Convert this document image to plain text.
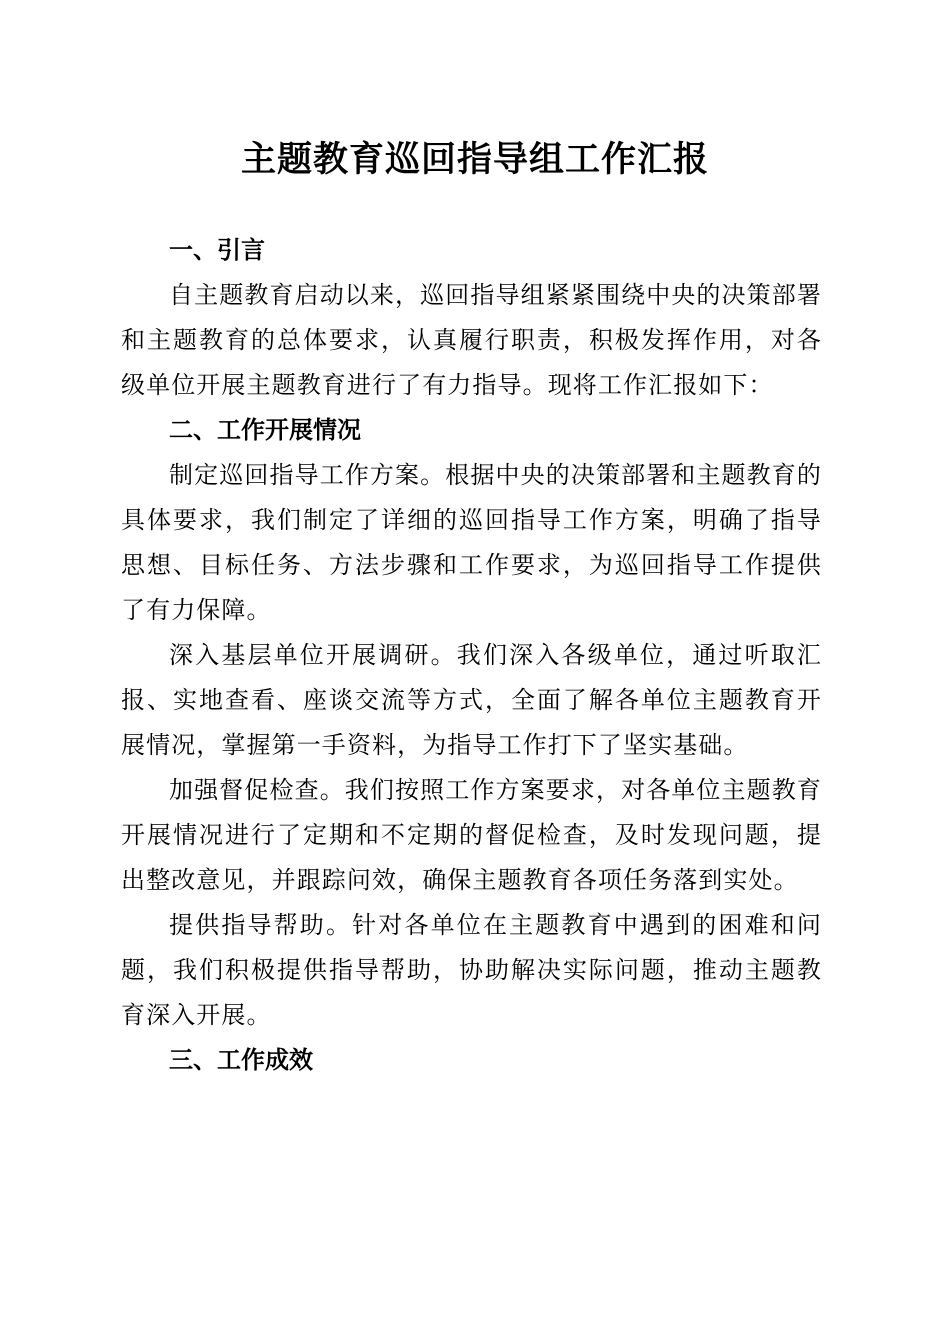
主题教育巡回指导组工作汇报

一、引言

自主题教育启动以来，巡回指导组紧紧围绕中央的决策部署和主题教育的总体要求，认真履行职责，积极发挥作用，对各级单位开展主题教育进行了有力指导。现将工作汇报如下：

二、工作开展情况

制定巡回指导工作方案。根据中央的决策部署和主题教育的具体要求，我们制定了详细的巡回指导工作方案，明确了指导思想、目标任务、方法步骤和工作要求，为巡回指导工作提供了有力保障。

深入基层单位开展调研。我们深入各级单位，通过听取汇报、实地查看、座谈交流等方式，全面了解各单位主题教育开展情况，掌握第一手资料，为指导工作打下了坚实基础。

加强督促检查。我们按照工作方案要求，对各单位主题教育开展情况进行了定期和不定期的督促检查，及时发现问题，提出整改意见，并跟踪问效，确保主题教育各项任务落到实处。

提供指导帮助。针对各单位在主题教育中遇到的困难和问题，我们积极提供指导帮助，协助解决实际问题，推动主题教育深入开展。

三、工作成效
